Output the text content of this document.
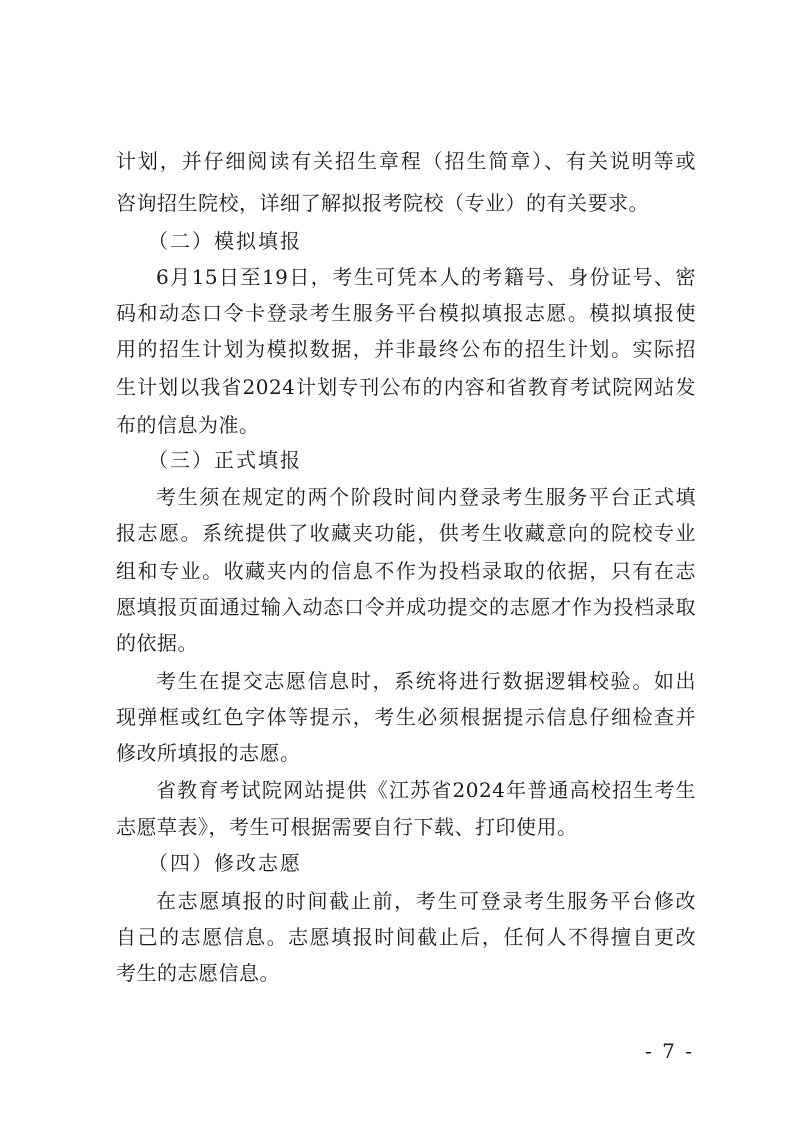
计划，并仔细阅读有关招生章程（招生简章）、有关说明等或
咨询招生院校，详细了解拟报考院校（专业）的有关要求。
（二）模拟填报
6月15日至19日，考生可凭本人的考籍号、身份证号、密
码和动态口令卡登录考生服务平台模拟填报志愿。模拟填报使
用的招生计划为模拟数据，并非最终公布的招生计划。实际招
生计划以我省2024计划专刊公布的内容和省教育考试院网站发
布的信息为准。
（三）正式填报
考生须在规定的两个阶段时间内登录考生服务平台正式填
报志愿。系统提供了收藏夹功能，供考生收藏意向的院校专业
组和专业。收藏夹内的信息不作为投档录取的依据，只有在志
愿填报页面通过输入动态口令并成功提交的志愿才作为投档录取
的依据。
考生在提交志愿信息时，系统将进行数据逻辑校验。如出
现弹框或红色字体等提示，考生必须根据提示信息仔细检查并
修改所填报的志愿。
省教育考试院网站提供《江苏省2024年普通高校招生考生
志愿草表》，考生可根据需要自行下载、打印使用。
（四）修改志愿
在志愿填报的时间截止前，考生可登录考生服务平台修改
自己的志愿信息。志愿填报时间截止后，任何人不得擅自更改
考生的志愿信息。
- 7 -
